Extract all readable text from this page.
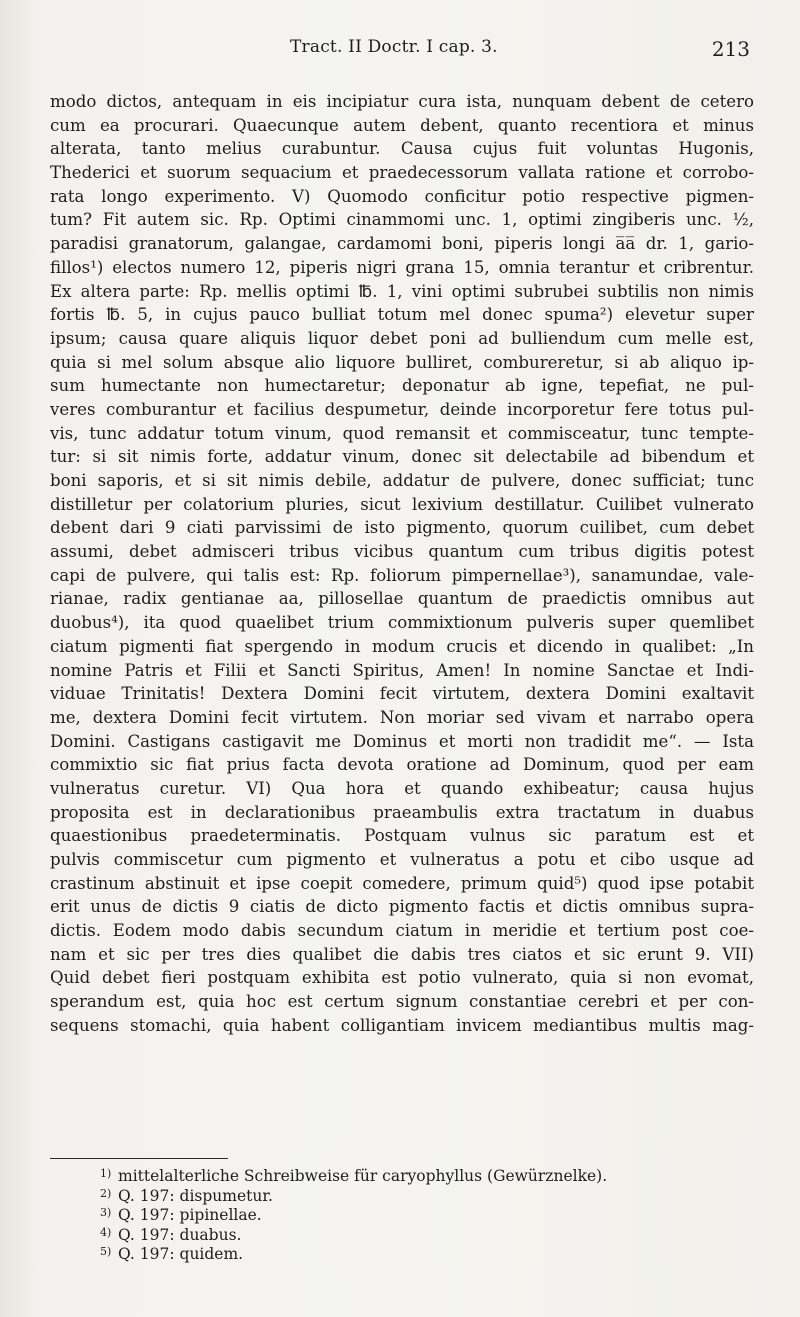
Tract. II Doctr. I cap. 3.	213
modo dictos, antequam in eis incipiatur cura ista, nunquam debent de cetero
cum ea procurari. Quaecunque autem debent, quanto recentiora et minus
alterata, tanto melius curabuntur. Causa cujus fuit voluntas Hugonis,
Thederici et suorum sequacium et praedecessorum vallata ratione et corrobo-
rata longo experimento. V) Quomodo conficitur potio respective pigmen-
tum? Fit autem sic. Rp. Optimi cinammomi unc. 1, optimi zingiberis unc. ½,
paradisi granatorum, galangae, cardamomi boni, piperis longi a̅a̅ dr. 1, gario-
fillos¹) electos numero 12, piperis nigri grana 15, omnia terantur et cribrentur.
Ex altera parte: Rp. mellis optimi ℔. 1, vini optimi subrubei subtilis non nimis
fortis ℔. 5, in cujus pauco bulliat totum mel donec spuma²) elevetur super
ipsum; causa quare aliquis liquor debet poni ad bulliendum cum melle est,
quia si mel solum absque alio liquore bulliret, combureretur, si ab aliquo ip-
sum humectante non humectaretur; deponatur ab igne, tepefiat, ne pul-
veres comburantur et facilius despumetur, deinde incorporetur fere totus pul-
vis, tunc addatur totum vinum, quod remansit et commisceatur, tunc tempte-
tur: si sit nimis forte, addatur vinum, donec sit delectabile ad bibendum et
boni saporis, et si sit nimis debile, addatur de pulvere, donec sufficiat; tunc
distilletur per colatorium pluries, sicut lexivium destillatur. Cuilibet vulnerato
debent dari 9 ciati parvissimi de isto pigmento, quorum cuilibet, cum debet
assumi, debet admisceri tribus vicibus quantum cum tribus digitis potest
capi de pulvere, qui talis est: Rp. foliorum pimpernellae³), sanamundae, vale-
rianae, radix gentianae aa, pillosellae quantum de praedictis omnibus aut
duobus⁴), ita quod quaelibet trium commixtionum pulveris super quemlibet
ciatum pigmenti fiat spergendo in modum crucis et dicendo in qualibet: „In
nomine Patris et Filii et Sancti Spiritus, Amen! In nomine Sanctae et Indi-
viduae Trinitatis! Dextera Domini fecit virtutem, dextera Domini exaltavit
me, dextera Domini fecit virtutem. Non moriar sed vivam et narrabo opera
Domini. Castigans castigavit me Dominus et morti non tradidit me“. — Ista
commixtio sic fiat prius facta devota oratione ad Dominum, quod per eam
vulneratus curetur. VI) Qua hora et quando exhibeatur; causa hujus
proposita est in declarationibus praeambulis extra tractatum in duabus
quaestionibus praedeterminatis. Postquam vulnus sic paratum est et
pulvis commiscetur cum pigmento et vulneratus a potu et cibo usque ad
crastinum abstinuit et ipse coepit comedere, primum quid⁵) quod ipse potabit
erit unus de dictis 9 ciatis de dicto pigmento factis et dictis omnibus supra-
dictis. Eodem modo dabis secundum ciatum in meridie et tertium post coe-
nam et sic per tres dies qualibet die dabis tres ciatos et sic erunt 9. VII)
Quid debet fieri postquam exhibita est potio vulnerato, quia si non evomat,
sperandum est, quia hoc est certum signum constantiae cerebri et per con-
sequens stomachi, quia habent colligantiam invicem mediantibus multis mag-
1) mittelalterliche Schreibweise für caryophyllus (Gewürznelke).
2) Q. 197: dispumetur.
3) Q. 197: pipinellae.
4) Q. 197: duabus.
5) Q. 197: quidem.
